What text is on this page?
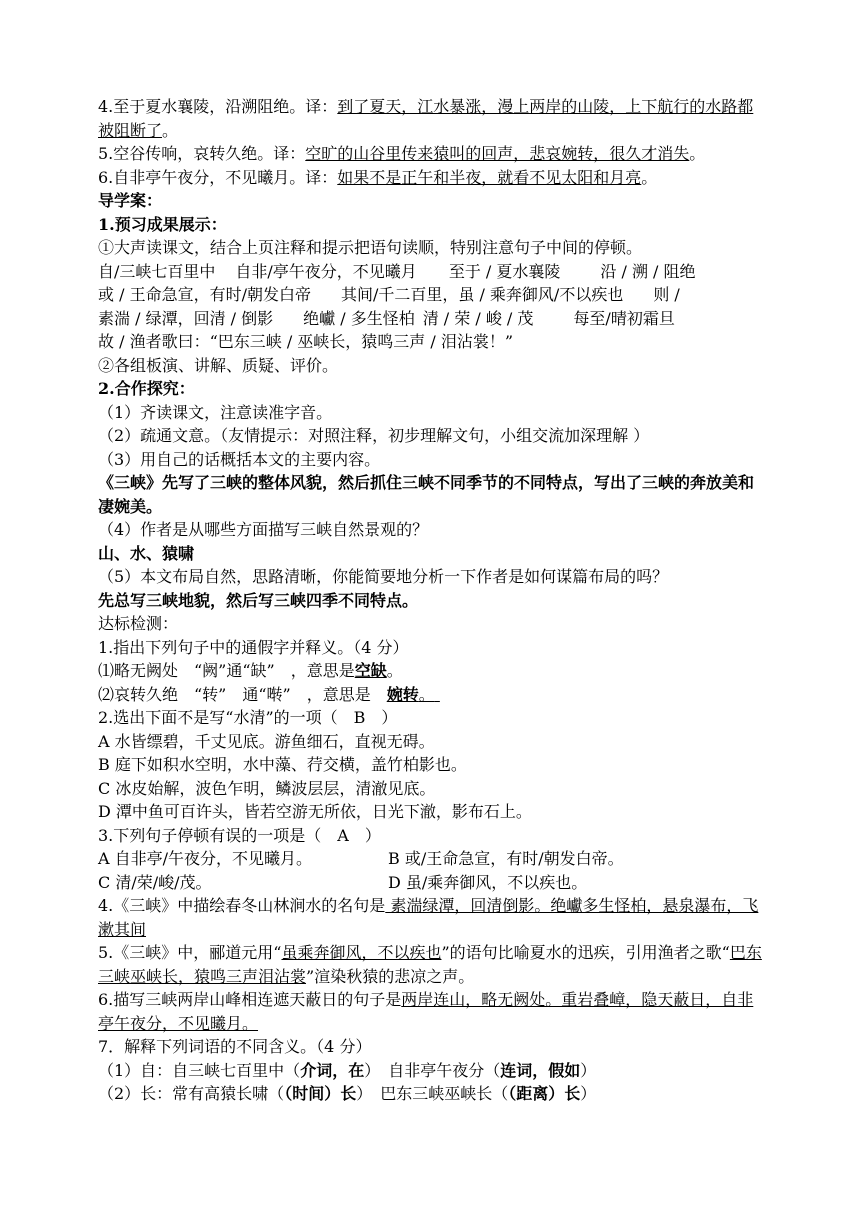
4.至于夏水襄陵，沿溯阻绝。译：到了夏天，江水暴涨，漫上两岸的山陵，上下航行的水路都被阻断了。
5.空谷传响，哀转久绝。译：空旷的山谷里传来猿叫的回声，悲哀婉转，很久才消失。
6.自非亭午夜分，不见曦月。译：如果不是正午和半夜，就看不见太阳和月亮。
导学案：
1.预习成果展示：
①大声读课文，结合上页注释和提示把语句读顺，特别注意句子中间的停顿。
自/三峡七百里中 自非/亭午夜分，不见曦月 至于 / 夏水襄陵	沿 / 溯 / 阻绝
或 / 王命急宣，有时/朝发白帝 其间/千二百里，虽 / 乘奔御风/不以疾也 则 /
素湍 / 绿潭，回清 / 倒影 绝巘 / 多生怪柏 清 / 荣 / 峻 / 茂	每至/晴初霜旦
故 / 渔者歌曰：“巴东三峡 / 巫峡长，猿鸣三声 / 泪沾裳！”
②各组板演、讲解、质疑、评价。
2.合作探究：
（1）齐读课文，注意读准字音。
（2）疏通文意。（友情提示：对照注释，初步理解文句，小组交流加深理解 ）
（3）用自己的话概括本文的主要内容。
《三峡》先写了三峡的整体风貌，然后抓住三峡不同季节的不同特点，写出了三峡的奔放美和凄婉美。
（4）作者是从哪些方面描写三峡自然景观的？
山、水、猿啸
（5）本文布局自然，思路清晰，你能简要地分析一下作者是如何谋篇布局的吗？
先总写三峡地貌，然后写三峡四季不同特点。
达标检测：
1.指出下列句子中的通假字并释义。（4 分）
⑴略无阙处　“阙”通“缺”　，意思是空缺。
⑵哀转久绝　“转”　通“啭”　，意思是　婉转。
2.选出下面不是写“水清”的一项（　B　）
A 水皆缥碧，千丈见底。游鱼细石，直视无碍。
B 庭下如积水空明，水中藻、荇交横，盖竹柏影也。
C 冰皮始解，波色乍明，鳞波层层，清澈见底。
D 潭中鱼可百许头，皆若空游无所依，日光下澈，影布石上。
3.下列句子停顿有误的一项是（　A　）
A 自非亭/午夜分，不见曦月。	B 或/王命急宣，有时/朝发白帝。
C 清/荣/峻/茂。	D 虽/乘奔御风，不以疾也。
4.《三峡》中描绘春冬山林涧水的名句是 素湍绿潭，回清倒影。绝巘多生怪柏，悬泉瀑布，飞漱其间
5.《三峡》中，郦道元用“虽乘奔御风，不以疾也”的语句比喻夏水的迅疾，引用渔者之歌“巴东三峡巫峡长，猿鸣三声泪沾裳”渲染秋猿的悲凉之声。
6.描写三峡两岸山峰相连遮天蔽日的句子是两岸连山，略无阙处。重岩叠嶂，隐天蔽日，自非亭午夜分，不见曦月。
7．解释下列词语的不同含义。（4 分）
（1）自：自三峡七百里中（介词，在）　自非亭午夜分（连词，假如）
（2）长：常有高猿长啸（（时间）长）　巴东三峡巫峡长（（距离）长）
